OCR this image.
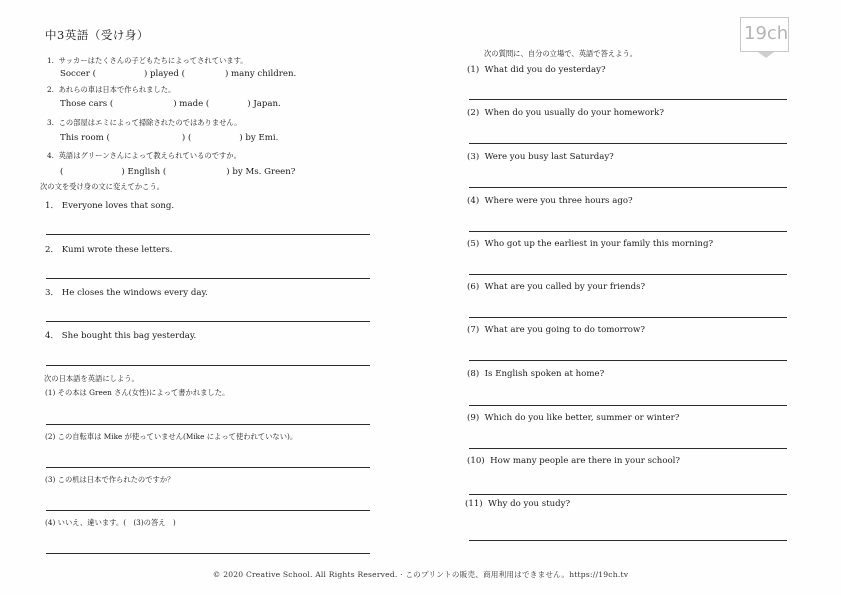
中3英語（受け身）	19ch
1. サッカーはたくさんの子どもたちによってされています。
Soccer (	) played (	) many children.
2. あれらの車は日本で作られました。
Those cars (	) made (	) Japan.
3. この部屋はエミによって掃除されたのではありません。
This room (	) (	) by Emi.
4. 英語はグリーンさんによって教えられているのですか。
(	) English (	) by Ms. Green?
次の文を受け身の文に変えてかこう。
1． Everyone loves that song.
2． Kumi wrote these letters.
3． He closes the windows every day.
4． She bought this bag yesterday.
次の日本語を英語にしよう。
(1) その本は Green さん(女性)によって書かれました。
(2) この自転車は Mike が使っていません(Mike によって使われていない)。
(3) この机は日本で作られたのですか？
(4) いいえ、違います。(　(3)の答え　)
次の質問に、自分の立場で、英語で答えよう。
(1) What did you do yesterday?
(2) When do you usually do your homework?
(3) Were you busy last Saturday?
(4) Where were you three hours ago?
(5) Who got up the earliest in your family this morning?
(6) What are you called by your friends?
(7) What are you going to do tomorrow?
(8) Is English spoken at home?
(9) Which do you like better, summer or winter?
(10) How many people are there in your school?
(11) Why do you study?
© 2020 Creative School. All Rights Reserved. · このプリントの販売、商用利用はできません。https://19ch.tv
